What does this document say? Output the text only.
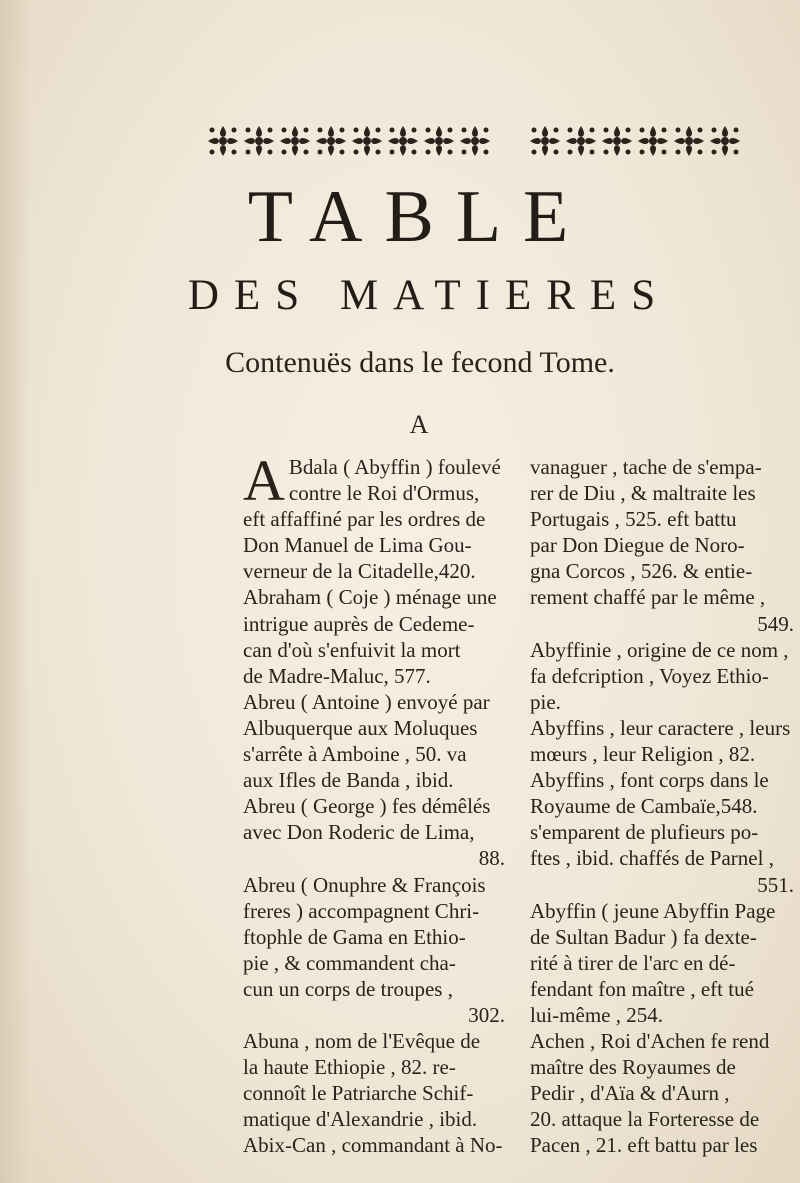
TABLE
DES MATIERES
Contenuës dans le fecond Tome.
A
A Bdala ( Abyffin ) foulevé
contre le Roi d'Ormus,
eft affaffiné par les ordres de
Don Manuel de Lima Gou-
verneur de la Citadelle,420.
Abraham ( Coje ) ménage une
intrigue auprès de Cedeme-
can d'où s'enfuivit la mort
de Madre-Maluc, 577.
Abreu ( Antoine ) envoyé par
Albuquerque aux Moluques
s'arrête à Amboine , 50. va
aux Ifles de Banda , ibid.
Abreu ( George ) fes démêlés
avec Don Roderic de Lima,
88.
Abreu ( Onuphre & François
freres ) accompagnent Chri-
ftophle de Gama en Ethio-
pie , & commandent cha-
cun un corps de troupes ,
302.
Abuna , nom de l'Evêque de
la haute Ethiopie , 82. re-
connoît le Patriarche Schif-
matique d'Alexandrie , ibid.
Abix-Can , commandant à No-
vanaguer , tache de s'empa-
rer de Diu , & maltraite les
Portugais , 525. eft battu
par Don Diegue de Noro-
gna Corcos , 526. & entie-
rement chaffé par le même ,
549.
Abyffinie , origine de ce nom ,
fa defcription , Voyez Ethio-
pie.
Abyffins , leur caractere , leurs
mœurs , leur Religion , 82.
Abyffins , font corps dans le
Royaume de Cambaïe,548.
s'emparent de plufieurs po-
ftes , ibid. chaffés de Parnel ,
551.
Abyffin ( jeune Abyffin Page
de Sultan Badur ) fa dexte-
rité à tirer de l'arc en dé-
fendant fon maître , eft tué
lui-même , 254.
Achen , Roi d'Achen fe rend
maître des Royaumes de
Pedir , d'Aïa & d'Aurn ,
20. attaque la Forteresse de
Pacen , 21. eft battu par les
